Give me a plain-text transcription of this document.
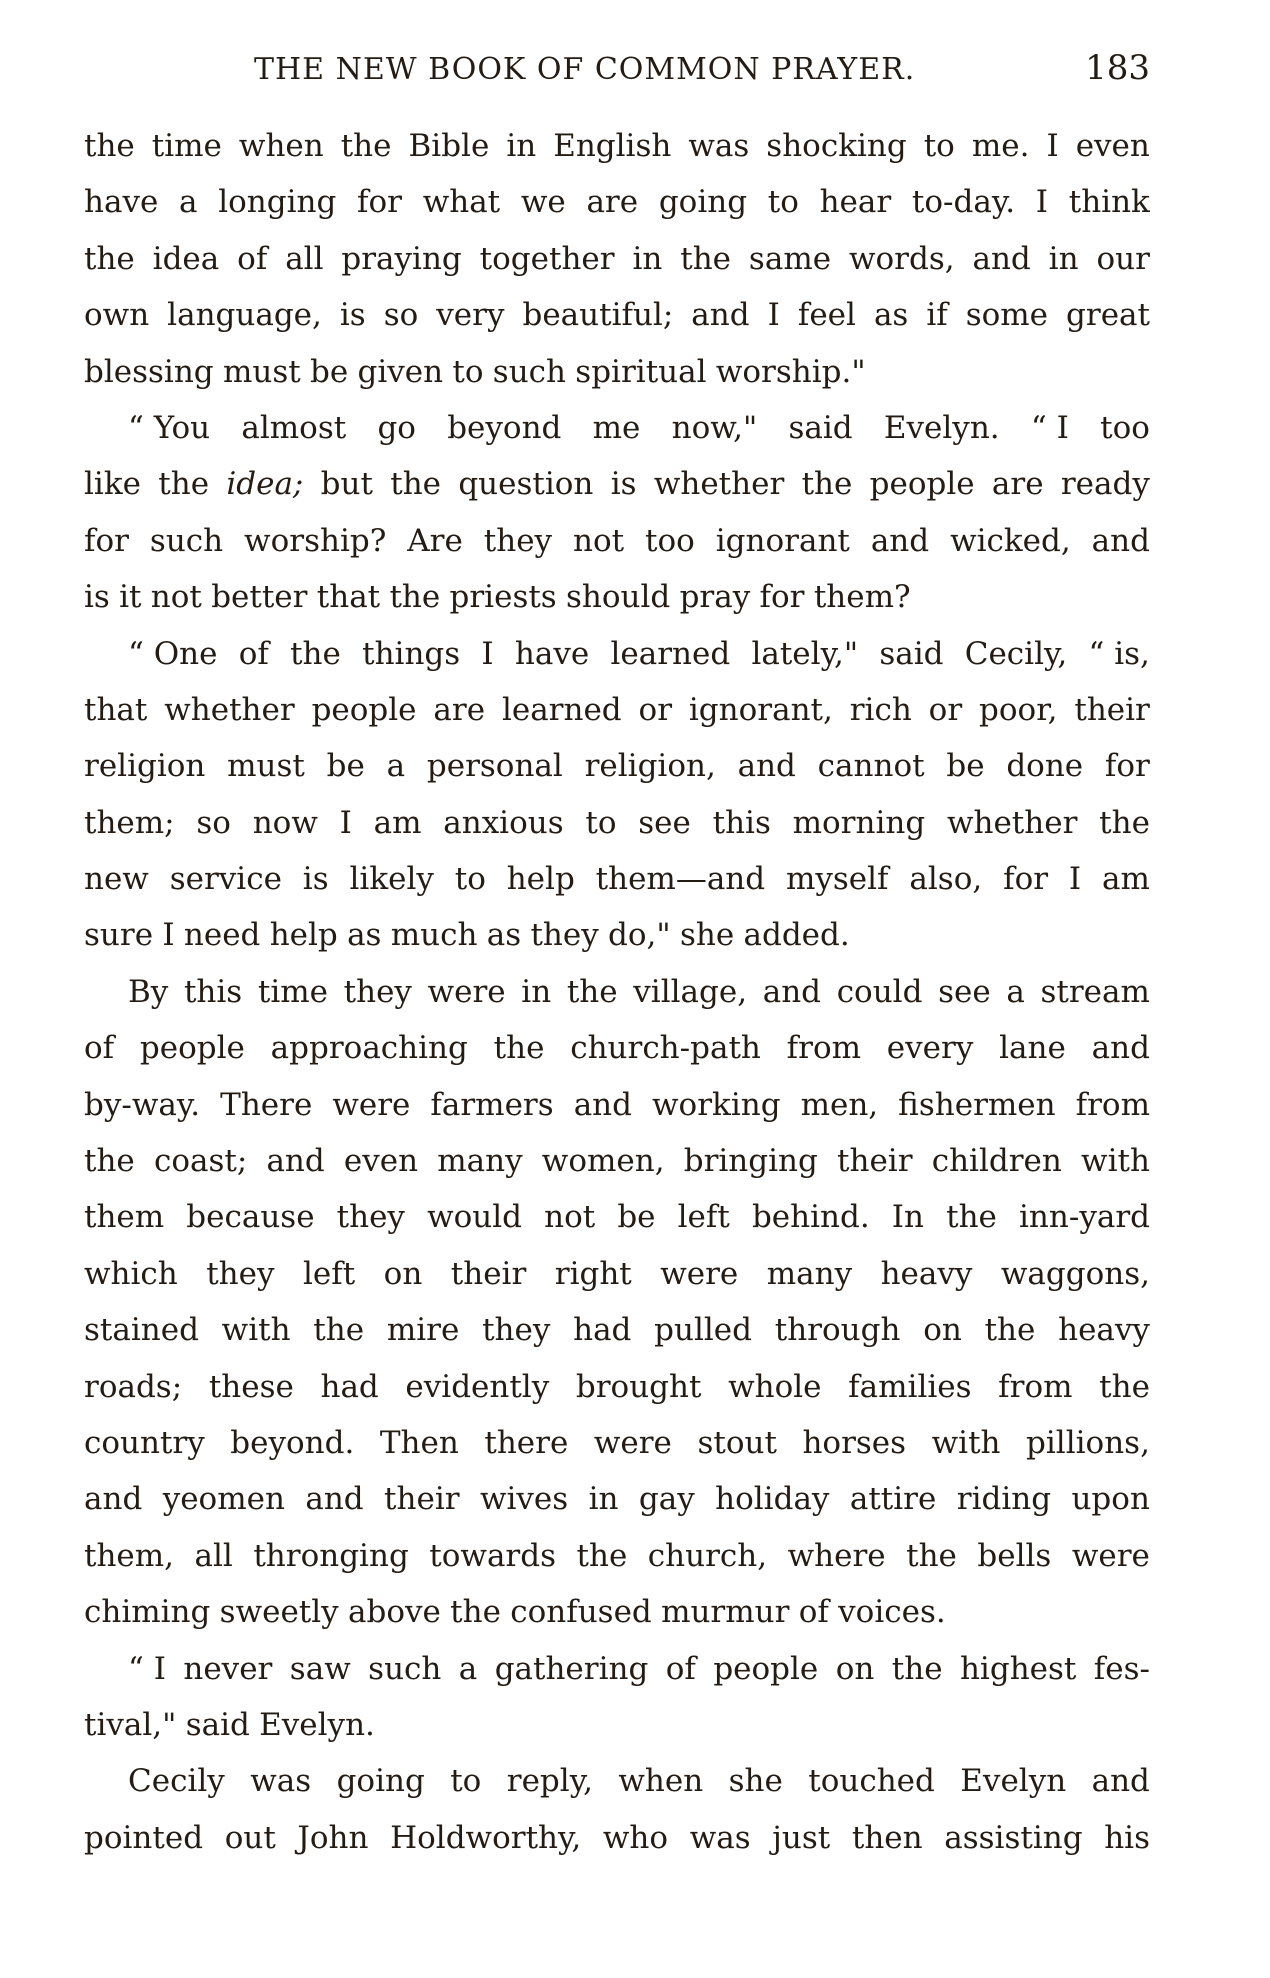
THE NEW BOOK OF COMMON PRAYER.	183
the time when the Bible in English was shocking to me. I even
have a longing for what we are going to hear to-day. I think
the idea of all praying together in the same words, and in our
own language, is so very beautiful; and I feel as if some great
blessing must be given to such spiritual worship."
“ You almost go beyond me now," said Evelyn. “ I too
like the idea; but the question is whether the people are ready
for such worship? Are they not too ignorant and wicked, and
is it not better that the priests should pray for them?
“ One of the things I have learned lately," said Cecily, “ is,
that whether people are learned or ignorant, rich or poor, their
religion must be a personal religion, and cannot be done for
them; so now I am anxious to see this morning whether the
new service is likely to help them—and myself also, for I am
sure I need help as much as they do," she added.
By this time they were in the village, and could see a stream
of people approaching the church-path from every lane and
by-way. There were farmers and working men, fishermen from
the coast; and even many women, bringing their children with
them because they would not be left behind. In the inn-yard
which they left on their right were many heavy waggons,
stained with the mire they had pulled through on the heavy
roads; these had evidently brought whole families from the
country beyond. Then there were stout horses with pillions,
and yeomen and their wives in gay holiday attire riding upon
them, all thronging towards the church, where the bells were
chiming sweetly above the confused murmur of voices.
“ I never saw such a gathering of people on the highest fes-
tival," said Evelyn.
Cecily was going to reply, when she touched Evelyn and
pointed out John Holdworthy, who was just then assisting his
